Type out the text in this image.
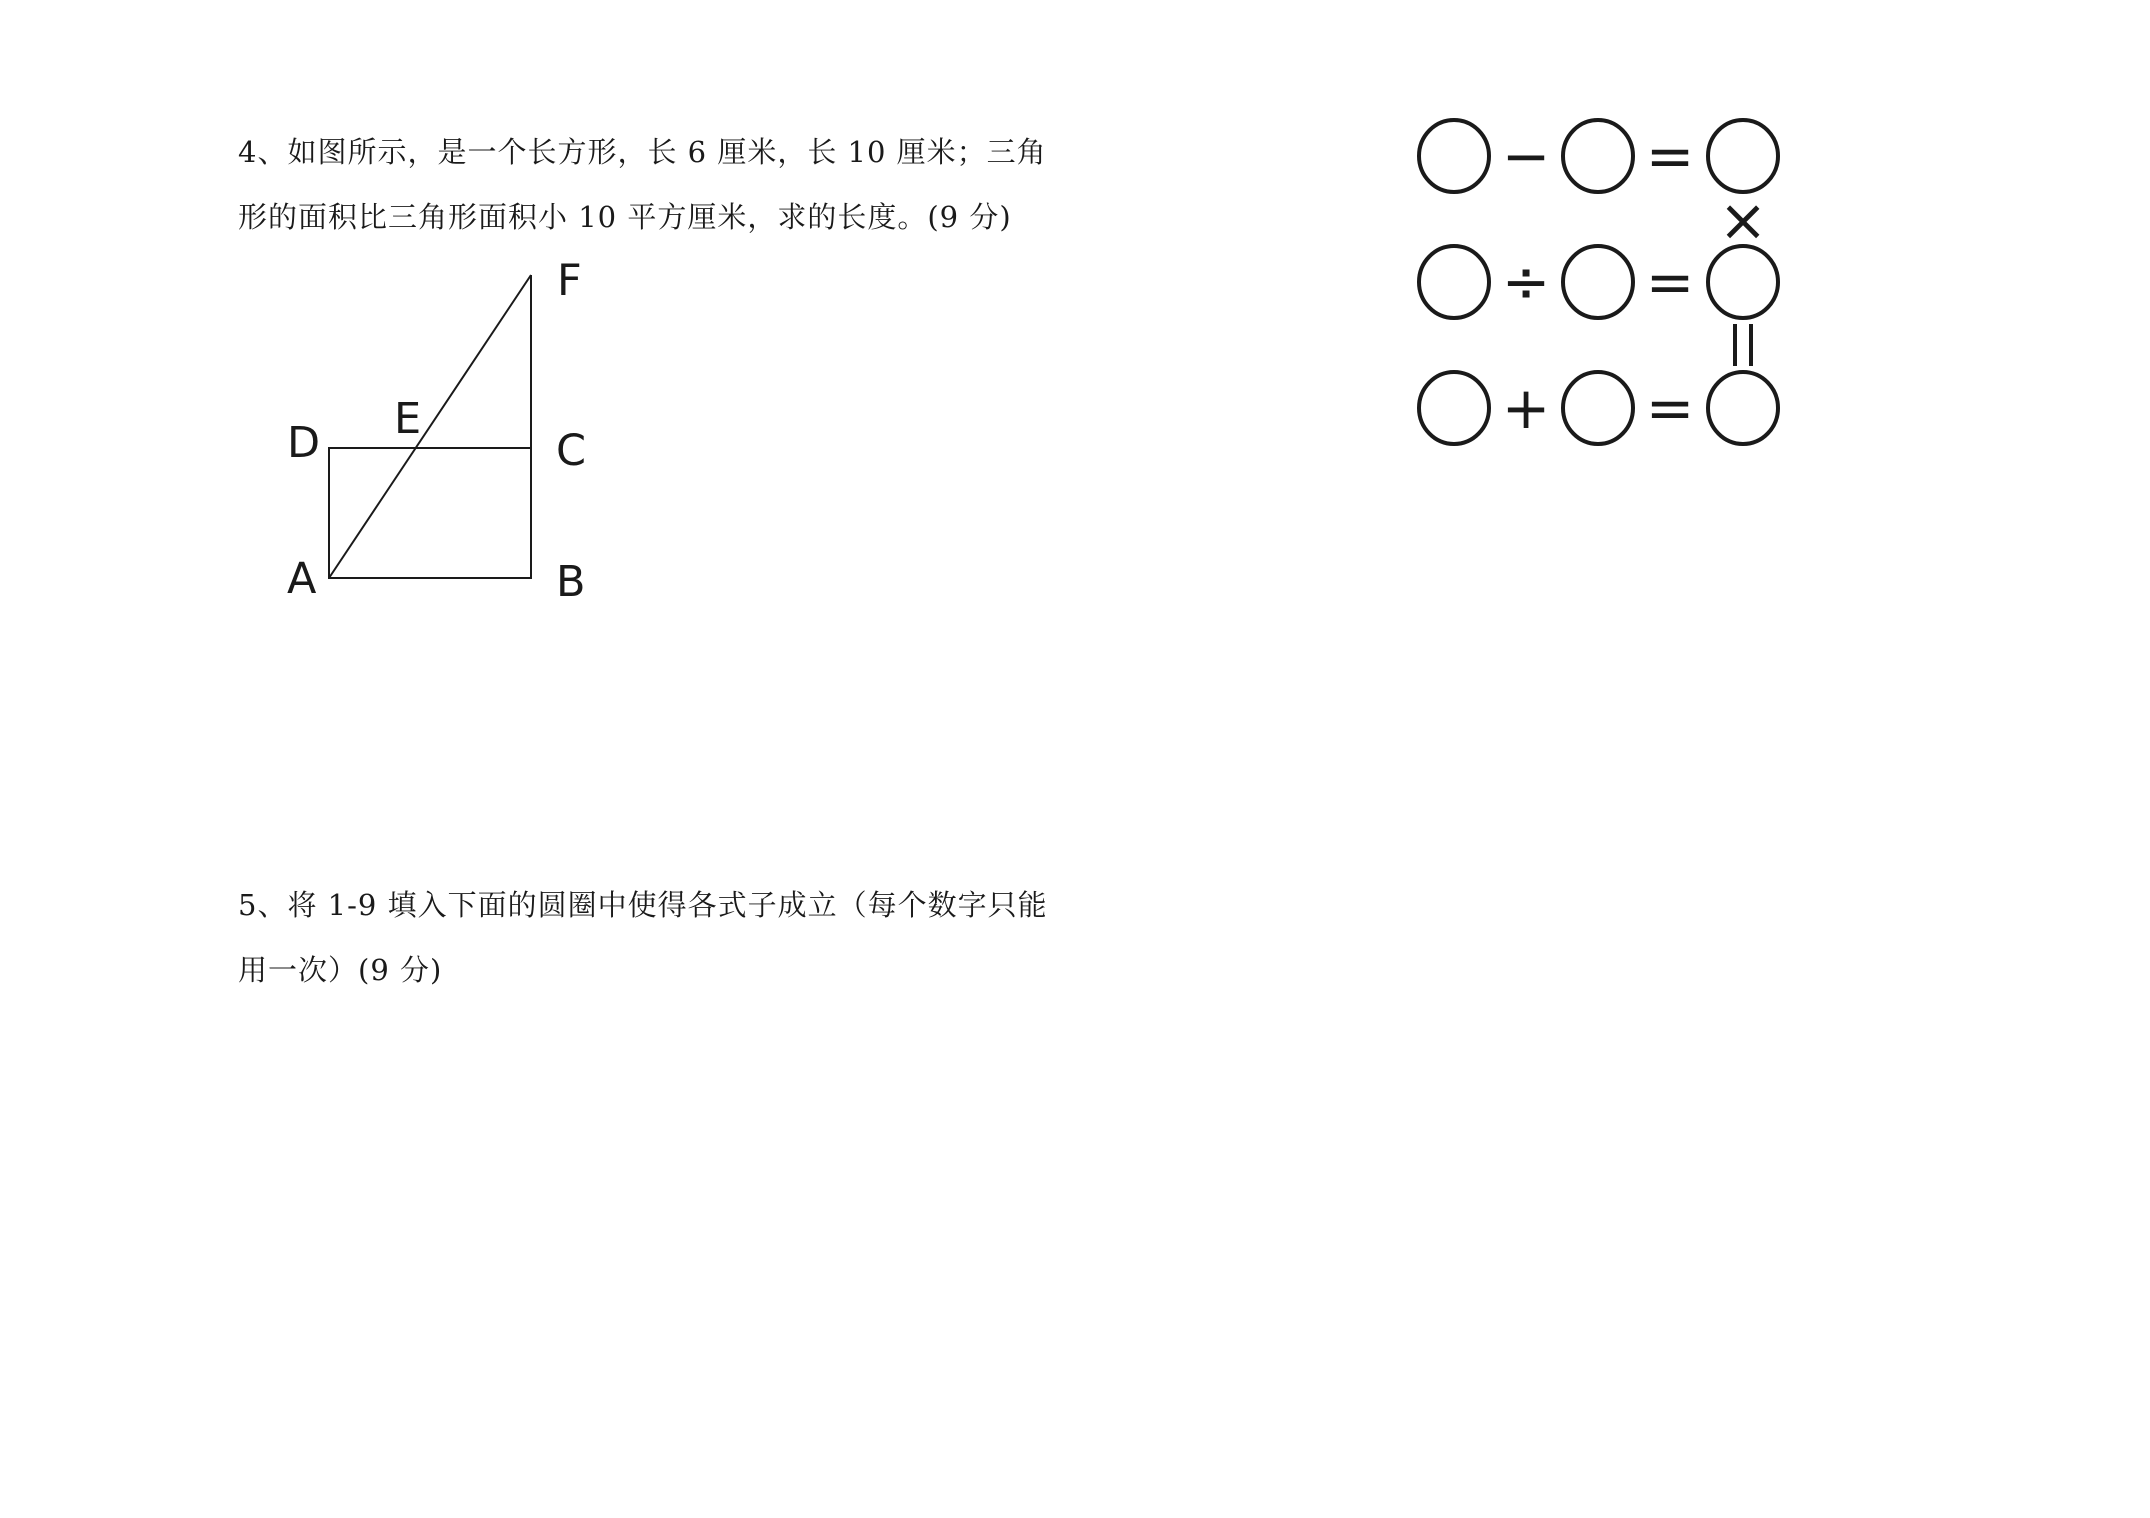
4、如图所示，是一个长方形，长 6 厘米，长 10 厘米；三角
形的面积比三角形面积小 10 平方厘米，求的长度。(9 分)
F
E
D	C
A	B
5、将 1-9 填入下面的圆圈中使得各式子成立（每个数字只能
用一次）(9 分)
− =
÷ =
+ =
×
